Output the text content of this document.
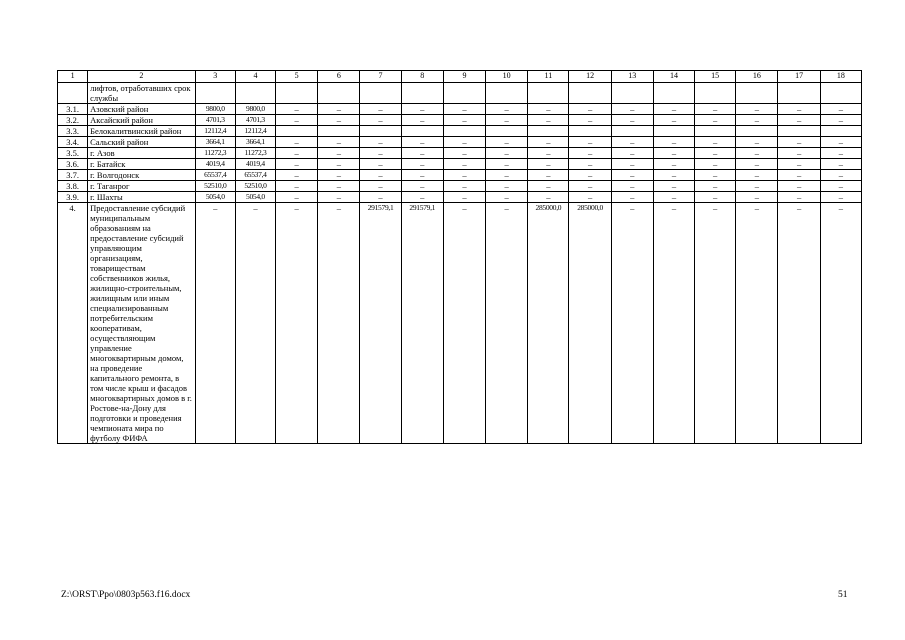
1	2	3	4	5	6	7	8	9	10	11	12	13	14	15	16	17	18
	лифтов, отработавших срок службы																
3.1.	Азовский район	9800,0	9800,0	–	–	–	–	–	–	–	–	–	–	–	–	–	–
3.2.	Аксайский район	4701,3	4701,3	–	–	–	–	–	–	–	–	–	–	–	–	–	–
3.3.	Белокалитвинский район	12112,4	12112,4														
3.4.	Сальский район	3664,1	3664,1	–	–	–	–	–	–	–	–	–	–	–	–	–	–
3.5.	г. Азов	11272,3	11272,3	–	–	–	–	–	–	–	–	–	–	–	–	–	–
3.6.	г. Батайск	4019,4	4019,4	–	–	–	–	–	–	–	–	–	–	–	–	–	–
3.7.	г. Волгодонск	65537,4	65537,4	–	–	–	–	–	–	–	–	–	–	–	–	–	–
3.8.	г. Таганрог	52510,0	52510,0	–	–	–	–	–	–	–	–	–	–	–	–	–	–
3.9.	г. Шахты	5054,0	5054,0	–	–	–	–	–	–	–	–	–	–	–	–	–	–
4.	Предоставление субсидий муниципальным образованиям на предоставление субсидий управляющим организациям, товариществам собственников жилья, жилищно-строительным, жилищным или иным специализированным потребительским кооперативам, осуществляющим управление многоквартирным домом, на проведение капитального ремонта, в том числе крыш и фасадов многоквартирных домов в г. Ростове-на-Дону для подготовки и проведения чемпионата мира по футболу ФИФА	–	–	–	–	291579,1	291579,1	–	–	285000,0	285000,0	–	–	–	–	–	–
Z:\ORST\Ppo\0803p563.f16.docx	51
